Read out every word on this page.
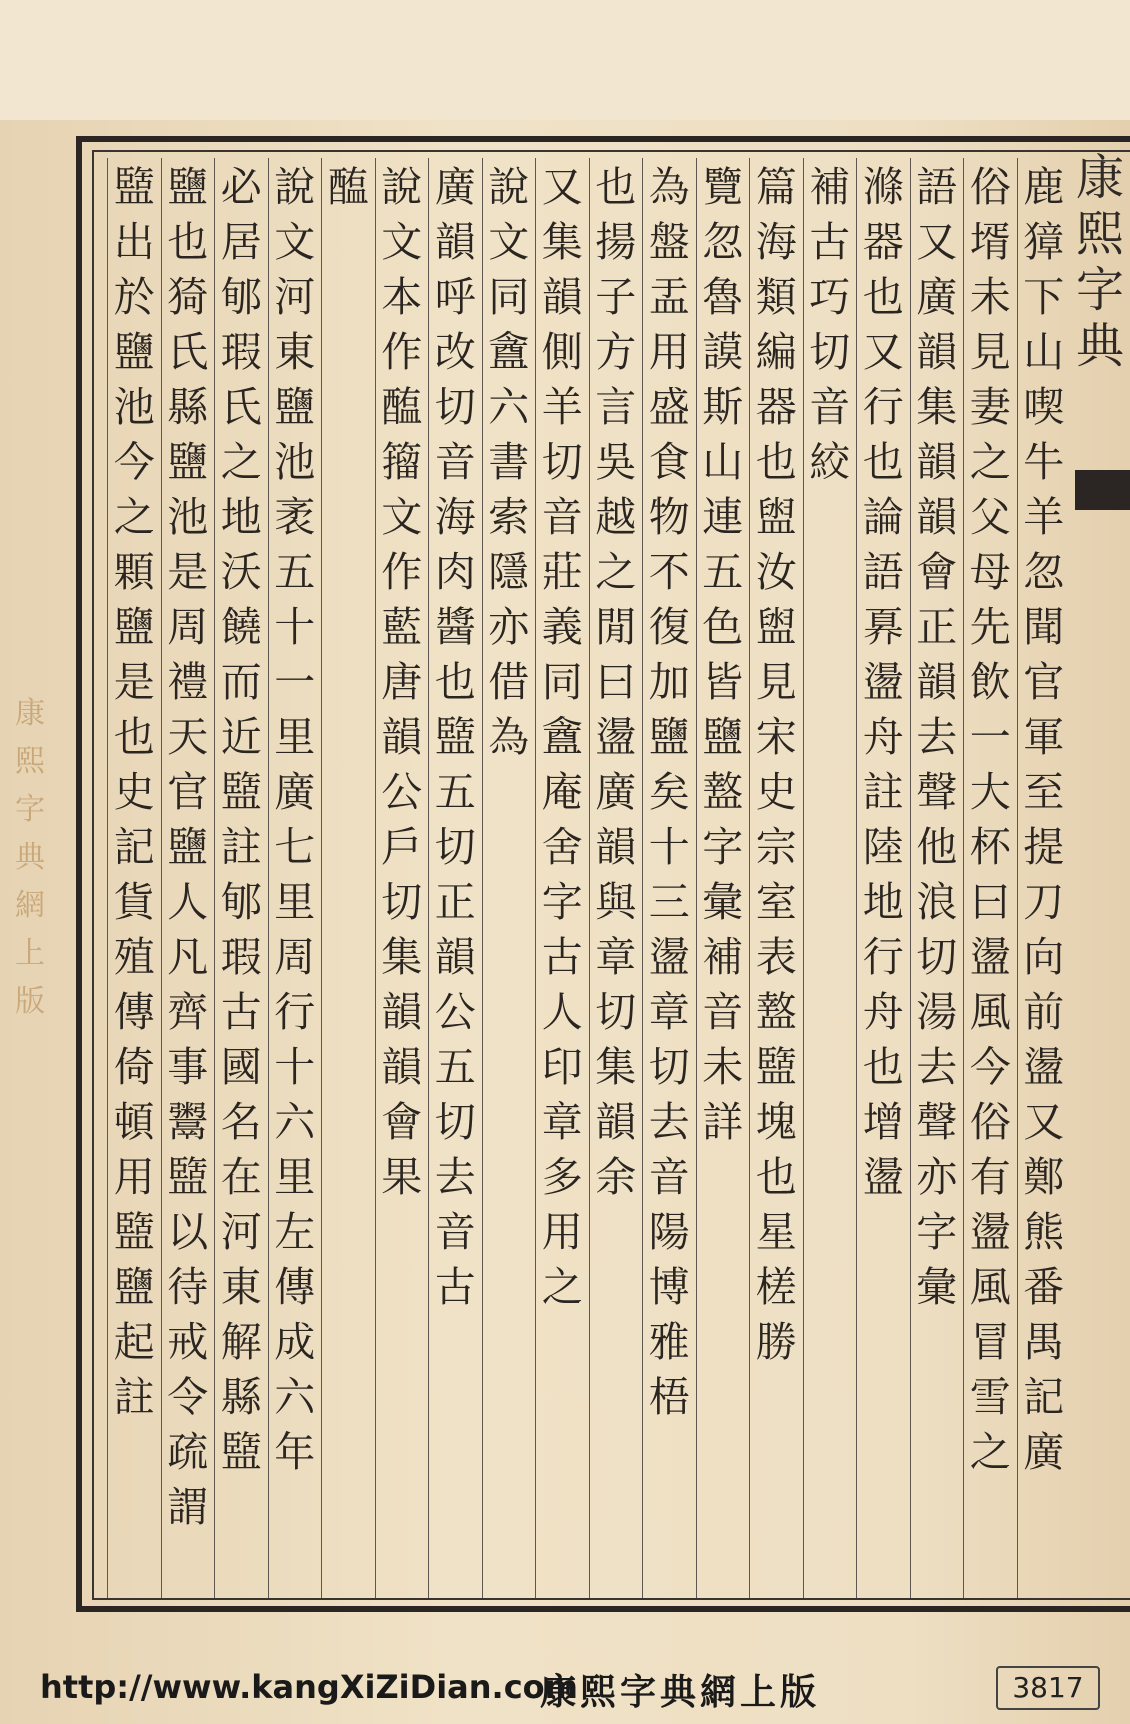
康
熙
字
典
鹿
獐
下
山
喫
牛
羊
忽
聞
官
軍
至
提
刀
向
前
盪
又
鄭
熊
番
禺
記
廣
俗
壻
未
見
妻
之
父
母
先
飲
一
大
杯
曰
盪
風
今
俗
有
盪
風
冒
雪
之
語
又
廣
韻
集
韻
韻
會
正
韻
去
聲
他
浪
切
湯
去
聲
亦
字
彙
滌
器
也
又
行
也
論
語
奡
盪
舟
註
陸
地
行
舟
也
增
盪
補
古
巧
切
音
絞
篇
海
類
編
器
也
盥
汝
盥
見
宋
史
宗
室
表
盩
盬
塊
也
星
槎
勝
覽
忽
魯
謨
斯
山
連
五
色
皆
鹽
盩
字
彙
補
音
未
詳
為
盤
盂
用
盛
食
物
不
復
加
鹽
矣
十
三
盪
章
切
去
音
陽
博
雅
梧
也
揚
子
方
言
吳
越
之
閒
曰
盪
廣
韻
與
章
切
集
韻
余
又
集
韻
側
羊
切
音
莊
義
同
盦
庵
舍
字
古
人
印
章
多
用
之
說
文
同
盦
六
書
索
隱
亦
借
為
廣
韻
呼
改
切
音
海
肉
醬
也
盬
五
切
正
韻
公
五
切
去
音
古
說
文
本
作
醢
籀
文
作
藍
唐
韻
公
戶
切
集
韻
韻
會
果
醢
說
文
河
東
鹽
池
袤
五
十
一
里
廣
七
里
周
行
十
六
里
左
傳
成
六
年
必
居
郇
瑕
氏
之
地
沃
饒
而
近
盬
註
郇
瑕
古
國
名
在
河
東
解
縣
盬
鹽
也
猗
氏
縣
鹽
池
是
周
禮
天
官
鹽
人
凡
齊
事
鬻
盬
以
待
戒
令
疏
謂
盬
出
於
鹽
池
今
之
顆
鹽
是
也
史
記
貨
殖
傳
倚
頓
用
盬
鹽
起
註
康
熙
字
典
網
上
版
http://www.kangXiZiDian.com
康熙字典網上版	3817
